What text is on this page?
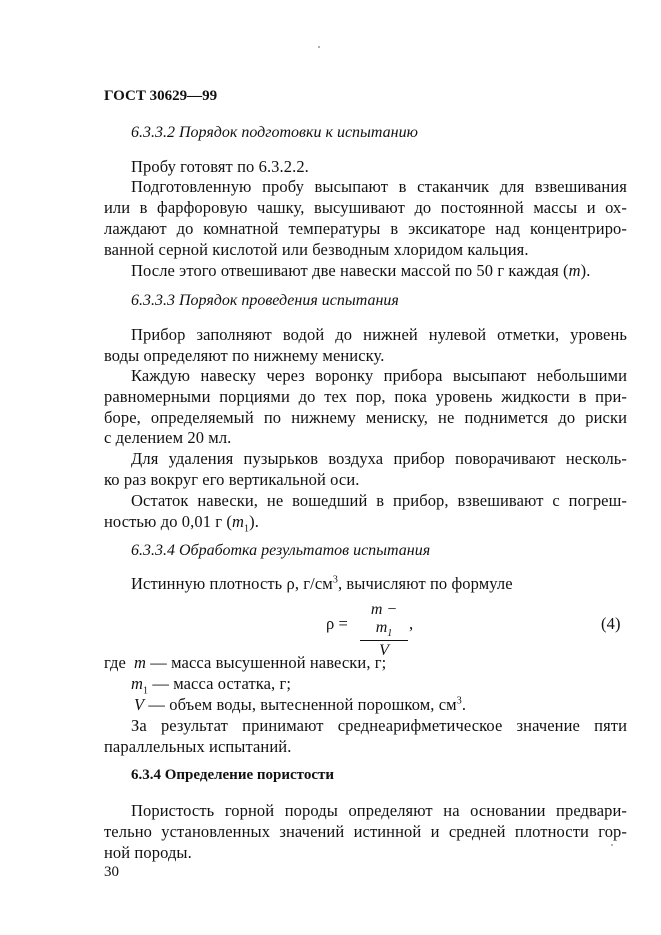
ГОСТ 30629—99
6.3.3.2 Порядок подготовки к испытанию
Пробу готовят по 6.3.2.2.
Подготовленную пробу высыпают в стаканчик для взвешивания
или в фарфоровую чашку, высушивают до постоянной массы и ох-
лаждают до комнатной температуры в эксикаторе над концентриро-
ванной серной кислотой или безводным хлоридом кальция.
После этого отвешивают две навески массой по 50 г каждая (m).
6.3.3.3 Порядок проведения испытания
Прибор заполняют водой до нижней нулевой отметки, уровень
воды определяют по нижнему мениску.
Каждую навеску через воронку прибора высыпают небольшими
равномерными порциями до тех пор, пока уровень жидкости в при-
боре, определяемый по нижнему мениску, не поднимется до риски
с делением 20 мл.
Для удаления пузырьков воздуха прибор поворачивают несколь-
ко раз вокруг его вертикальной оси.
Остаток навески, не вошедший в прибор, взвешивают с погреш-
ностью до 0,01 г $(m_1)$.
6.3.3.4 Обработка результатов испытания
Истинную плотность ρ, $г/см^3$, вычисляют по формуле
ρ =
$m - m_1$
V
,	(4)
где m — масса высушенной навески, г;
$m_1$ — масса остатка, г;
V — объем воды, вытесненной порошком, $см^3$.
За результат принимают среднеарифметическое значение пяти
параллельных испытаний.
6.3.4 Определение пористости
Пористость горной породы определяют на основании предвари-
тельно установленных значений истинной и средней плотности гор-
ной породы.
30
